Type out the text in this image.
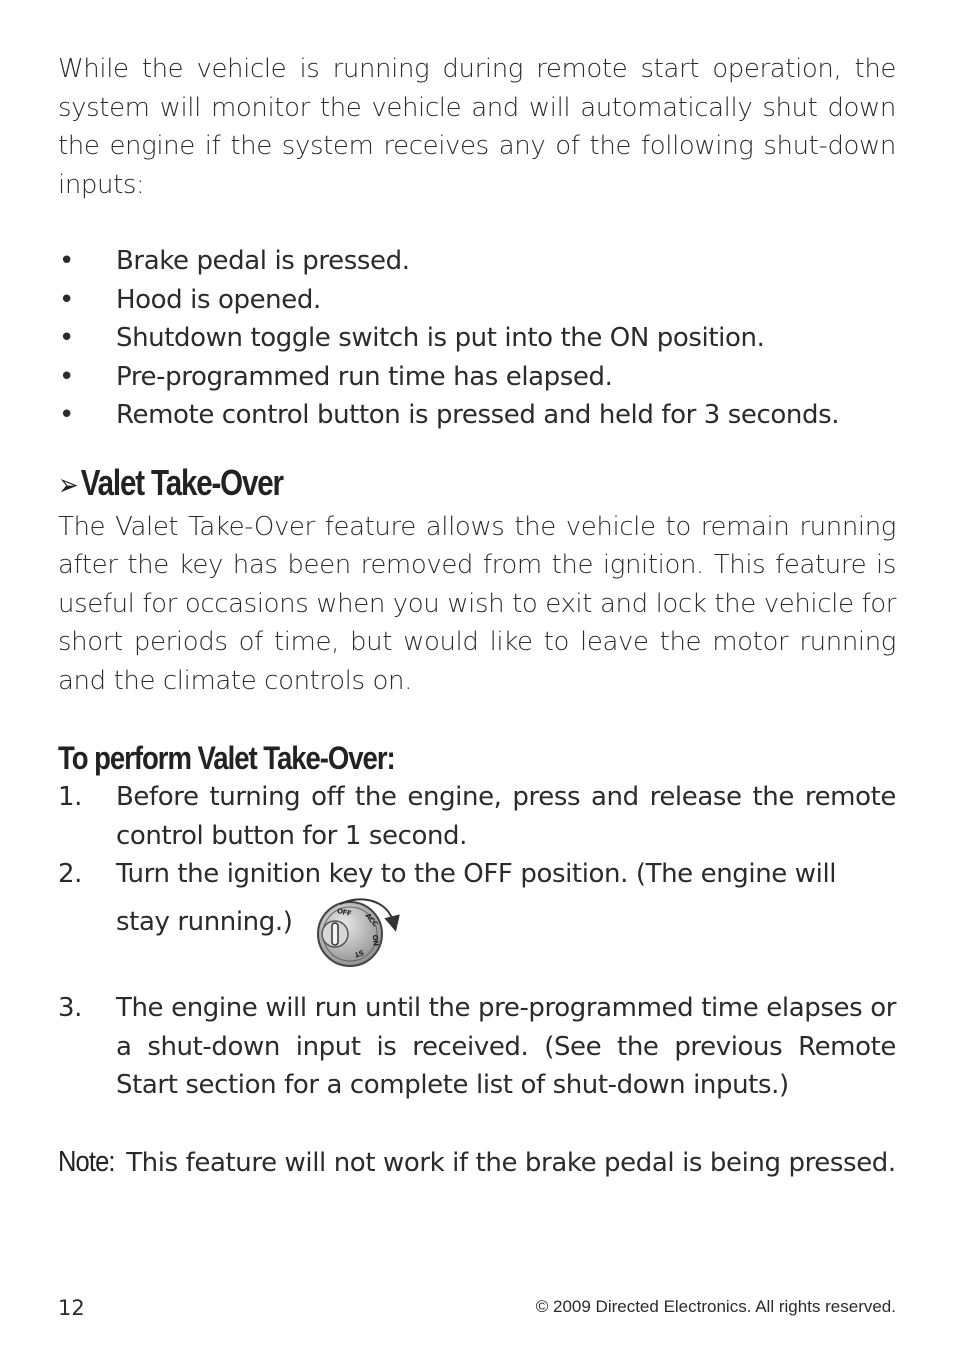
While the vehicle is running during remote start operation, the system will monitor the vehicle and will automatically shut down the engine if the system receives any of the following shut-down inputs:

• Brake pedal is pressed.
• Hood is opened.
• Shutdown toggle switch is put into the ON position.
• Pre-programmed run time has elapsed.
• Remote control button is pressed and held for 3 seconds.
➢Valet Take-Over

The Valet Take-Over feature allows the vehicle to remain running after the key has been removed from the ignition. This feature is useful for occasions when you wish to exit and lock the vehicle for short periods of time, but would like to leave the motor running and the climate controls on.

To perform Valet Take-Over:
1. Before turning off the engine, press and release the remote control button for 1 second.
2. Turn the ignition key to the OFF position. (The engine will stay running.)	OFF ACC
ON
ST
3. The engine will run until the pre-programmed time elapses or a shut-down input is received. (See the previous Remote Start section for a complete list of shut-down inputs.)

Note: This feature will not work if the brake pedal is being pressed.

12	© 2009 Directed Electronics. All rights reserved.
